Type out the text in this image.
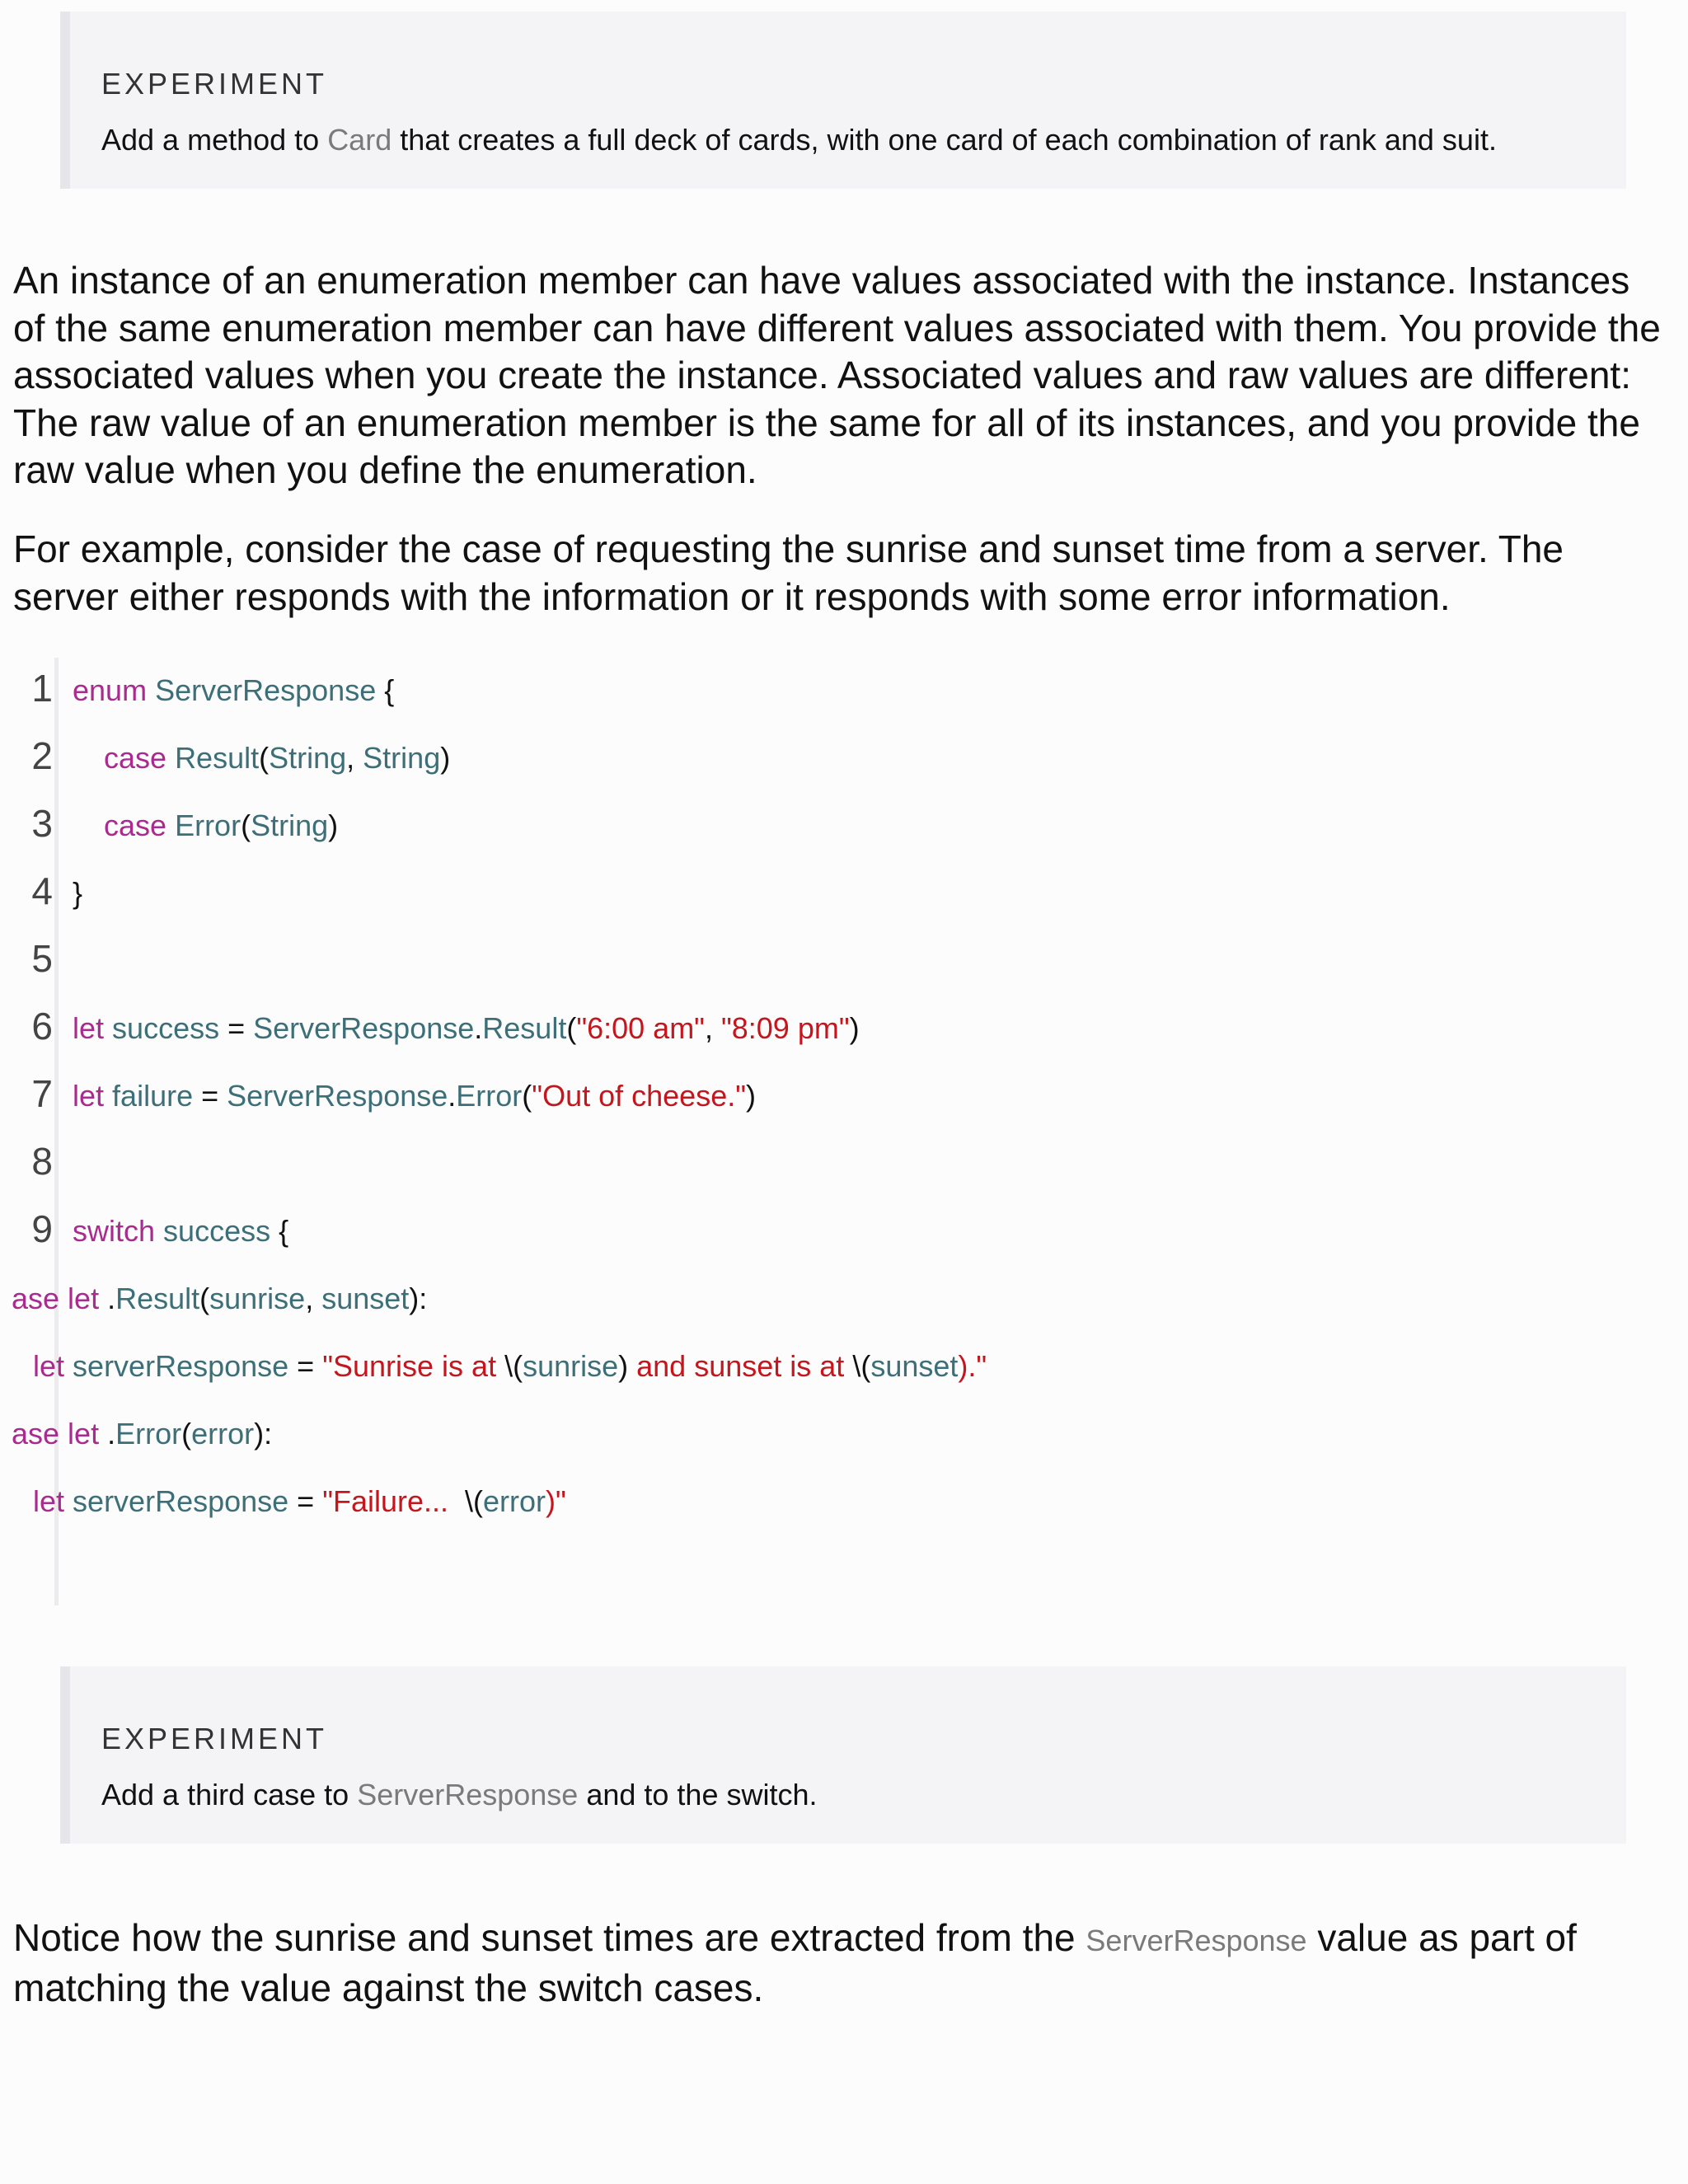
EXPERIMENT
Add a method to Card that creates a full deck of cards, with one card of each combination of rank and suit.

An instance of an enumeration member can have values associated with the instance. Instances of the same enumeration member can have different values associated with them. You provide the associated values when you create the instance. Associated values and raw values are different: The raw value of an enumeration member is the same for all of its instances, and you provide the raw value when you define the enumeration.

For example, consider the case of requesting the sunrise and sunset time from a server. The server either responds with the information or it responds with some error information.

1

enum ServerResponse {

2

case Result(String, String)

3

case Error(String)

4

}

5

6

let success = ServerResponse.Result("6:00 am", "8:09 pm")

7

let failure = ServerResponse.Error("Out of cheese.")

8

9

switch success {

ase let .Result(sunrise, sunset):

let serverResponse = "Sunrise is at \(sunrise) and sunset is at \(sunset)."

ase let .Error(error):

let serverResponse = "Failure...  \(error)"

EXPERIMENT
Add a third case to ServerResponse and to the switch.

Notice how the sunrise and sunset times are extracted from the ServerResponse value as part of matching the value against the switch cases.
